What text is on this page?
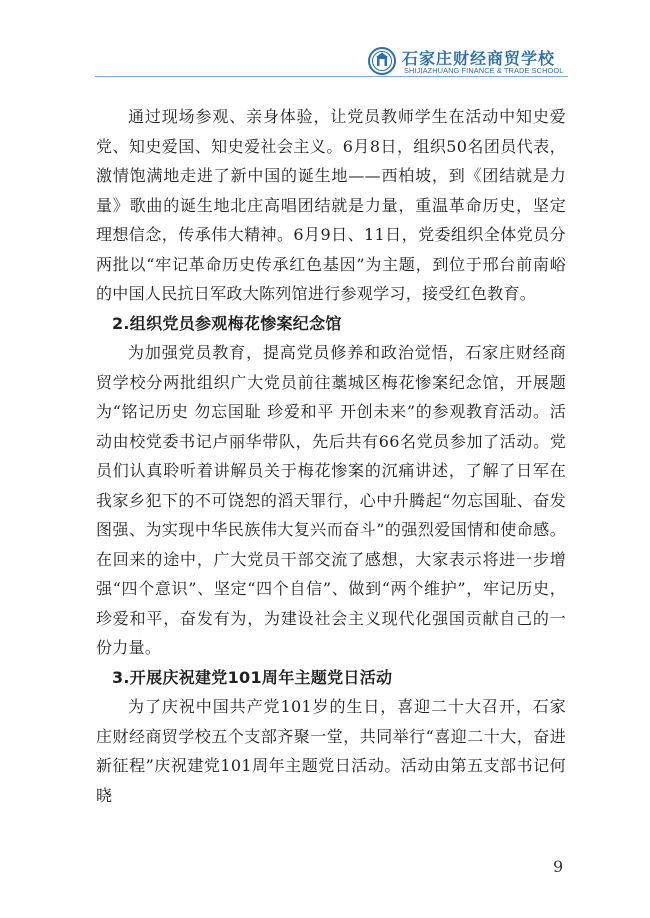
石家庄财经商贸学校
SHIJIAZHUANG FINANCE & TRADE SCHOOL

通过现场参观、亲身体验，让党员教师学生在活动中知史爱党、知史爱国、知史爱社会主义。6月8日，组织50名团员代表，激情饱满地走进了新中国的诞生地——西柏坡，到《团结就是力量》歌曲的诞生地北庄高唱团结就是力量，重温革命历史，坚定理想信念，传承伟大精神。6月9日、11日，党委组织全体党员分两批以“牢记革命历史传承红色基因”为主题，到位于邢台前南峪的中国人民抗日军政大陈列馆进行参观学习，接受红色教育。

2.组织党员参观梅花惨案纪念馆

为加强党员教育，提高党员修养和政治觉悟，石家庄财经商贸学校分两批组织广大党员前往藁城区梅花惨案纪念馆，开展题为“铭记历史 勿忘国耻 珍爱和平 开创未来”的参观教育活动。活动由校党委书记卢丽华带队，先后共有66名党员参加了活动。党员们认真聆听着讲解员关于梅花惨案的沉痛讲述，了解了日军在我家乡犯下的不可饶恕的滔天罪行，心中升腾起“勿忘国耻、奋发图强、为实现中华民族伟大复兴而奋斗”的强烈爱国情和使命感。在回来的途中，广大党员干部交流了感想，大家表示将进一步增强“四个意识”、坚定“四个自信”、做到“两个维护”，牢记历史，珍爱和平，奋发有为，为建设社会主义现代化强国贡献自己的一份力量。

3.开展庆祝建党101周年主题党日活动

为了庆祝中国共产党101岁的生日，喜迎二十大召开，石家庄财经商贸学校五个支部齐聚一堂，共同举行“喜迎二十大，奋进新征程”庆祝建党101周年主题党日活动。活动由第五支部书记何晓

9
